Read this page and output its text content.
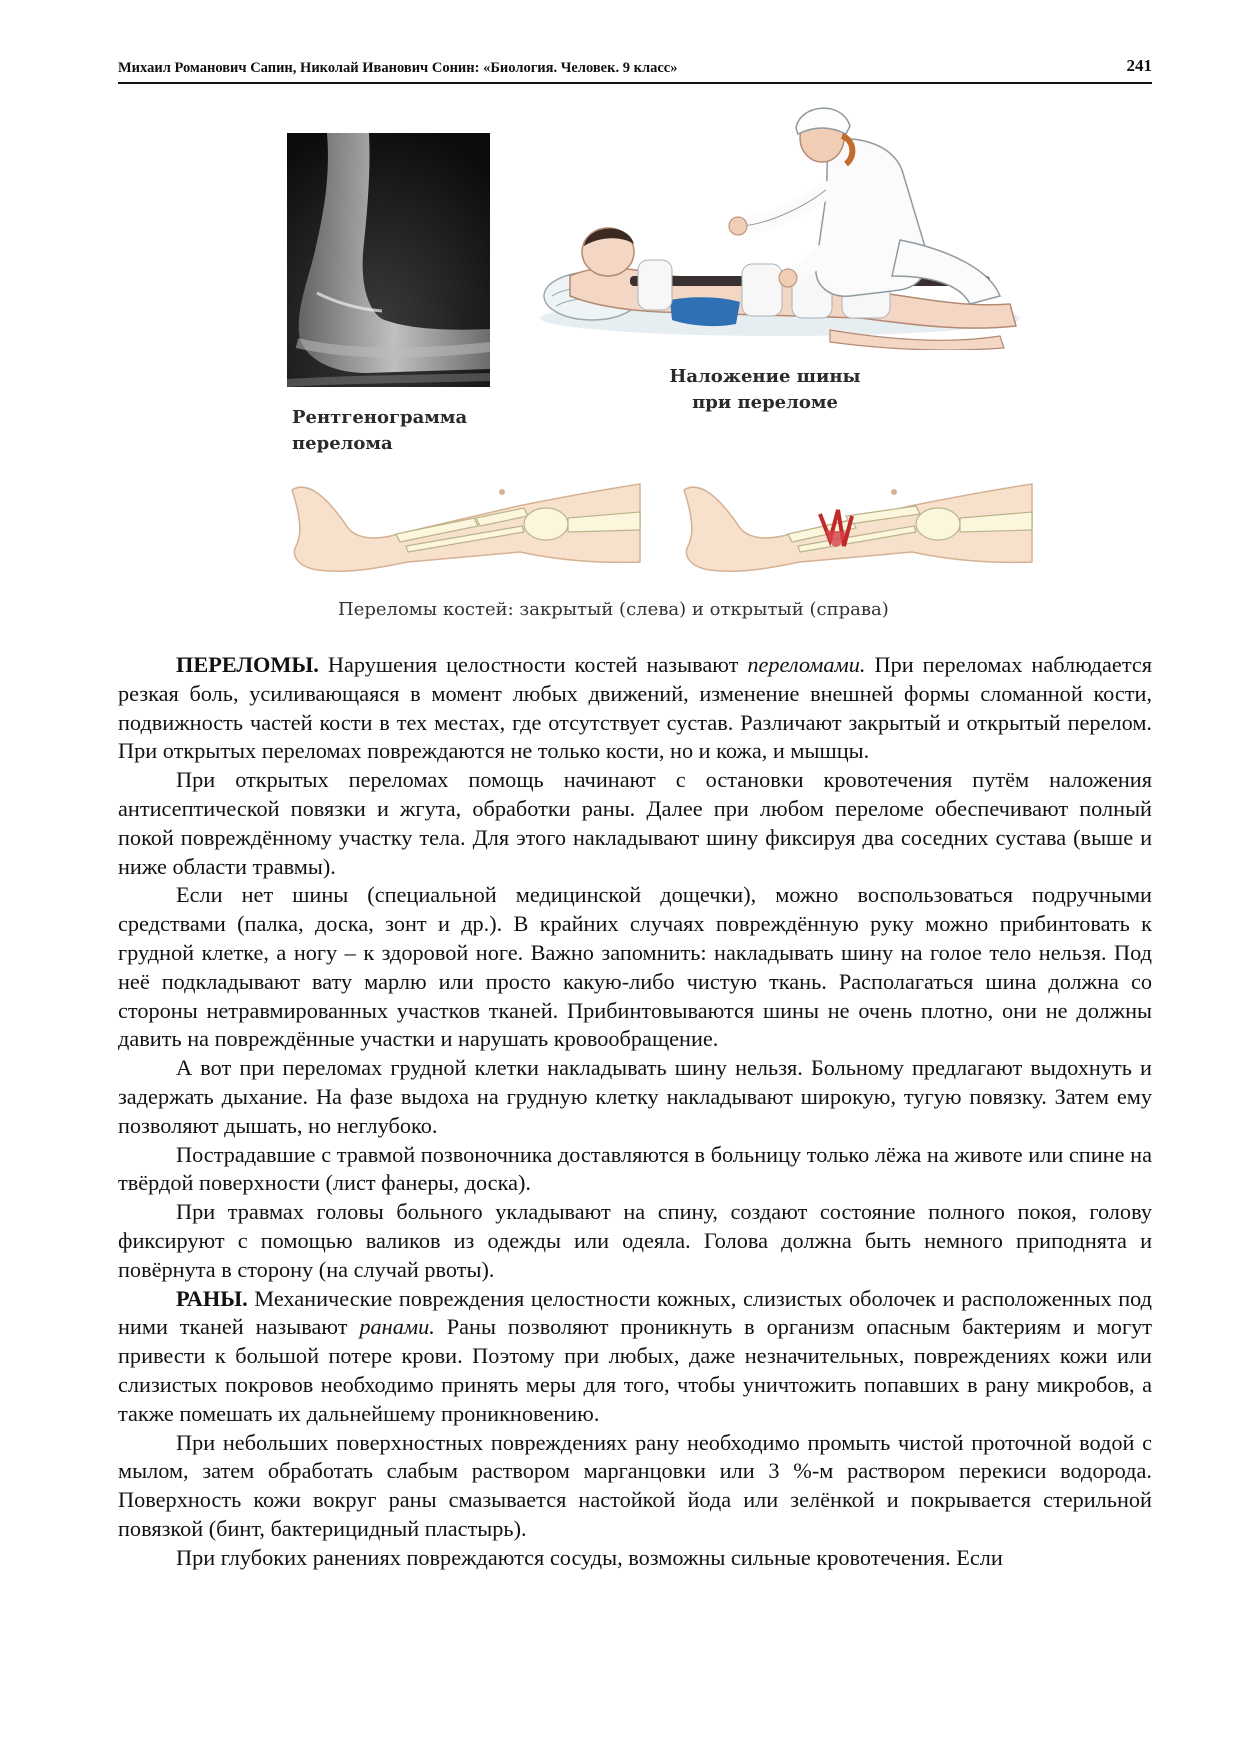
Михаил Романович Сапин, Николай Иванович Сонин: «Биология. Человек. 9 класс»	241
Рентгенограмма
перелома
Наложение шины
при переломе
Переломы костей: закрытый (слева) и открытый (справа)

ПЕРЕЛОМЫ. Нарушения целостности костей называют переломами. При переломах наблюдается резкая боль, усиливающаяся в момент любых движений, изменение внешней формы сломанной кости, подвижность частей кости в тех местах, где отсутствует сустав. Различают закрытый и открытый перелом. При открытых переломах повреждаются не только кости, но и кожа, и мышцы.

При открытых переломах помощь начинают с остановки кровотечения путём наложения антисептической повязки и жгута, обработки раны. Далее при любом переломе обеспечивают полный покой повреждённому участку тела. Для этого накладывают шину фиксируя два соседних сустава (выше и ниже области травмы).

Если нет шины (специальной медицинской дощечки), можно воспользоваться подручными средствами (палка, доска, зонт и др.). В крайних случаях повреждённую руку можно прибинтовать к грудной клетке, а ногу – к здоровой ноге. Важно запомнить: накладывать шину на голое тело нельзя. Под неё подкладывают вату марлю или просто какую-либо чистую ткань. Располагаться шина должна со стороны нетравмированных участков тканей. Прибинтовываются шины не очень плотно, они не должны давить на повреждённые участки и нарушать кровообращение.

А вот при переломах грудной клетки накладывать шину нельзя. Больному предлагают выдохнуть и задержать дыхание. На фазе выдоха на грудную клетку накладывают широкую, тугую повязку. Затем ему позволяют дышать, но неглубоко.

Пострадавшие с травмой позвоночника доставляются в больницу только лёжа на животе или спине на твёрдой поверхности (лист фанеры, доска).

При травмах головы больного укладывают на спину, создают состояние полного покоя, голову фиксируют с помощью валиков из одежды или одеяла. Голова должна быть немного приподнята и повёрнута в сторону (на случай рвоты).

РАНЫ. Механические повреждения целостности кожных, слизистых оболочек и расположенных под ними тканей называют ранами. Раны позволяют проникнуть в организм опасным бактериям и могут привести к большой потере крови. Поэтому при любых, даже незначительных, повреждениях кожи или слизистых покровов необходимо принять меры для того, чтобы уничтожить попавших в рану микробов, а также помешать их дальнейшему проникновению.

При небольших поверхностных повреждениях рану необходимо промыть чистой проточной водой с мылом, затем обработать слабым раствором марганцовки или 3 %-м раствором перекиси водорода. Поверхность кожи вокруг раны смазывается настойкой йода или зелёнкой и покрывается стерильной повязкой (бинт, бактерицидный пластырь).

При глубоких ранениях повреждаются сосуды, возможны сильные кровотечения. Если
